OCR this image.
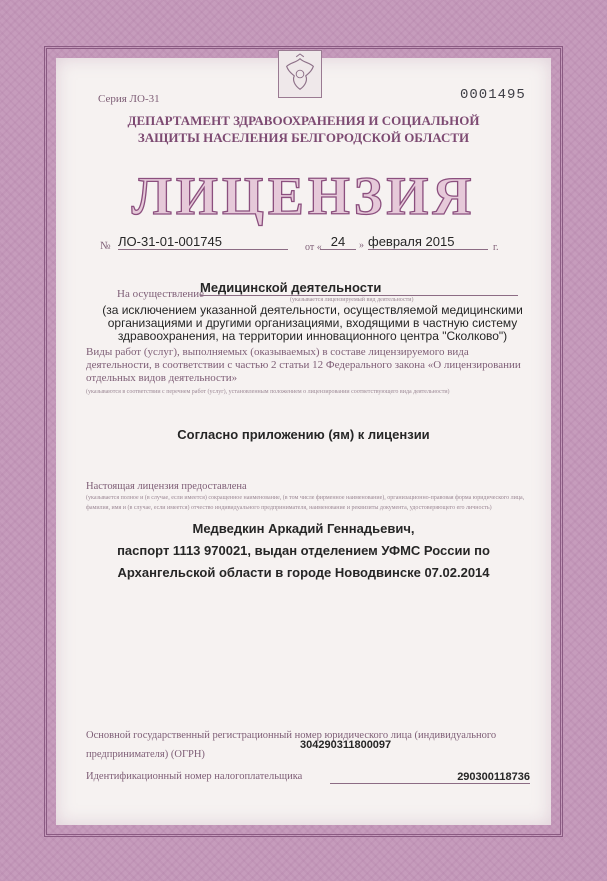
Серия ЛО-31	0001495
ДЕПАРТАМЕНТ ЗДРАВООХРАНЕНИЯ И СОЦИАЛЬНОЙ
ЗАЩИТЫ НАСЕЛЕНИЯ БЕЛГОРОДСКОЙ ОБЛАСТИ
ЛИЦЕНЗИЯ
№ ЛО-31-01-001745	от « 24	» февраля 2015	г.
На осуществление
Медицинской деятельности
(указывается лицензируемый вид деятельности)
(за исключением указанной деятельности, осуществляемой медицинскими организациями и другими организациями, входящими в частную систему здравоохранения, на территории инновационного центра "Сколково")
Виды работ (услуг), выполняемых (оказываемых) в составе лицензируемого вида деятельности, в соответствии с частью 2 статьи 12 Федерального закона «О лицензировании отдельных видов деятельности»
(указываются в соответствии с перечнем работ (услуг), установленным положением о лицензировании соответствующего вида деятельности)
Согласно приложению (ям) к лицензии
Настоящая лицензия предоставлена
(указывается полное и (в случае, если имеется) сокращенное наименование, (в том числе фирменное наименование), организационно-правовая форма юридического лица, фамилия, имя и (в случае, если имеется) отчество индивидуального предпринимателя, наименование и реквизиты документа, удостоверяющего его личность)
Медведкин Аркадий Геннадьевич,
паспорт 1113 970021, выдан отделением УФМС России по
Архангельской области в городе Новодвинске 07.02.2014
Основной государственный регистрационный номер юридического лица (индивидуального предпринимателя) (ОГРН)
304290311800097
Идентификационный номер налогоплательщика	290300118736
